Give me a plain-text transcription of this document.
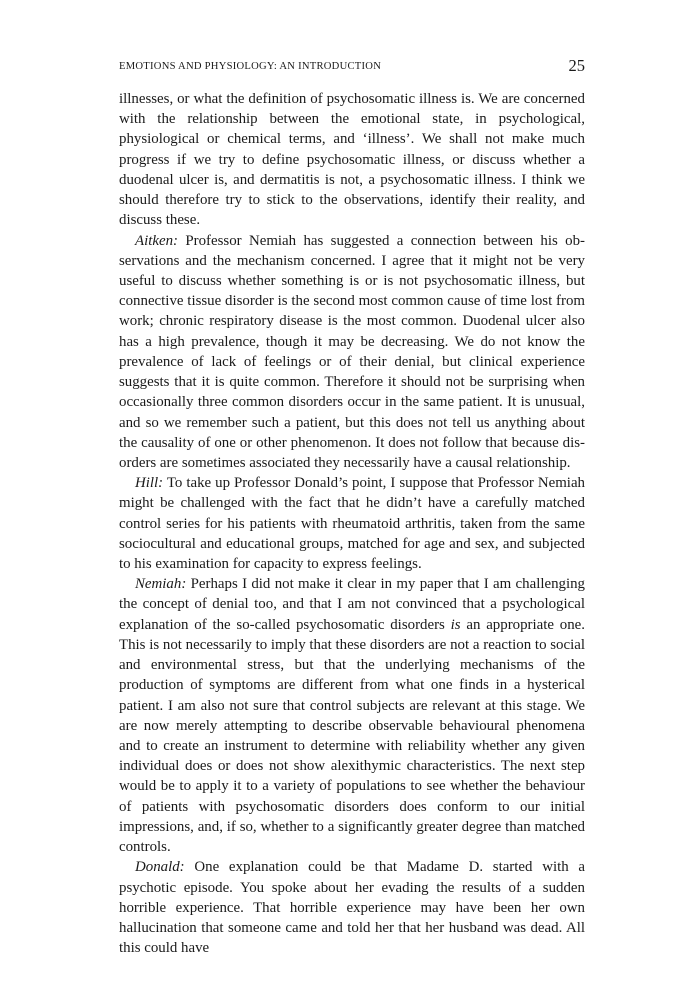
EMOTIONS AND PHYSIOLOGY: AN INTRODUCTION	25

illnesses, or what the definition of psychosomatic illness is. We are concerned with the relationship between the emotional state, in psychological, physiological or chemical terms, and ‘illness’. We shall not make much progress if we try to define psychosomatic illness, or discuss whether a duodenal ulcer is, and dermatitis is not, a psychosomatic illness. I think we should therefore try to stick to the observations, identify their reality, and discuss these.

Aitken: Professor Nemiah has suggested a connection between his observations and the mechanism concerned. I agree that it might not be very useful to discuss whether something is or is not psychosomatic illness, but connective tissue disorder is the second most common cause of time lost from work; chronic respiratory disease is the most common. Duodenal ulcer also has a high prevalence, though it may be decreasing. We do not know the prevalence of lack of feelings or of their denial, but clinical experience suggests that it is quite common. Therefore it should not be surprising when occasionally three common disorders occur in the same patient. It is unusual, and so we remember such a patient, but this does not tell us anything about the causality of one or other phenomenon. It does not follow that because disorders are sometimes associated they necessarily have a causal relationship.

Hill: To take up Professor Donald’s point, I suppose that Professor Nemiah might be challenged with the fact that he didn’t have a carefully matched control series for his patients with rheumatoid arthritis, taken from the same sociocultural and educational groups, matched for age and sex, and subjected to his examination for capacity to express feelings.

Nemiah: Perhaps I did not make it clear in my paper that I am challenging the concept of denial too, and that I am not convinced that a psychological explanation of the so-called psychosomatic disorders is an appropriate one. This is not necessarily to imply that these disorders are not a reaction to social and environmental stress, but that the underlying mechanisms of the production of symptoms are different from what one finds in a hysterical patient. I am also not sure that control subjects are relevant at this stage. We are now merely attempting to describe observable behavioural phenomena and to create an instrument to determine with reliability whether any given individual does or does not show alexithymic characteristics. The next step would be to apply it to a variety of populations to see whether the behaviour of patients with psychosomatic disorders does conform to our initial impressions, and, if so, whether to a significantly greater degree than matched controls.

Donald: One explanation could be that Madame D. started with a psychotic episode. You spoke about her evading the results of a sudden horrible experience. That horrible experience may have been her own hallucination that someone came and told her that her husband was dead. All this could have
